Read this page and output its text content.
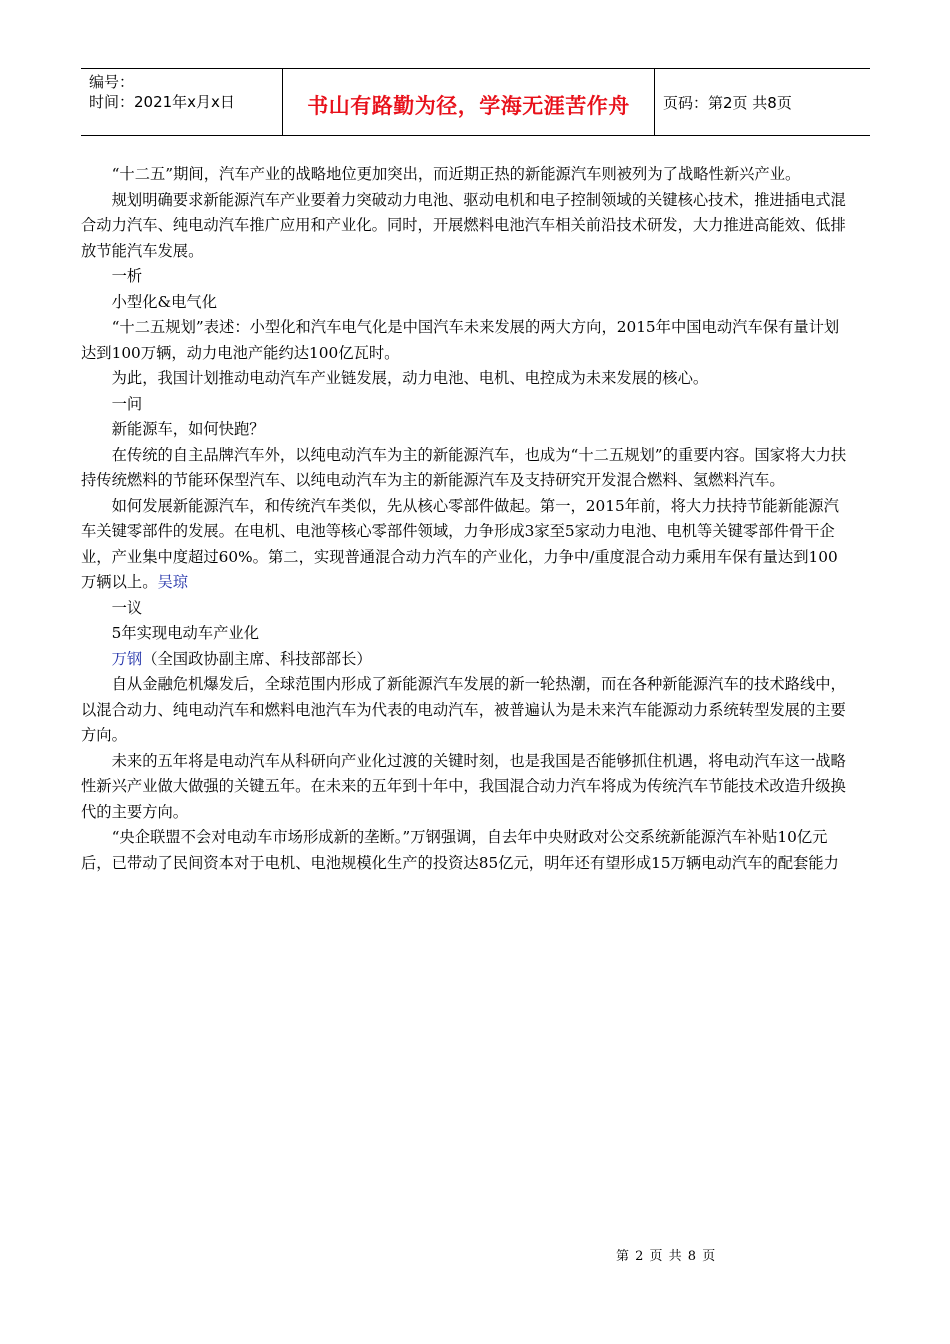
编号：
时间：2021年x月x日	书山有路勤为径，学海无涯苦作舟	页码：第2页 共8页

“十二五”期间，汽车产业的战略地位更加突出，而近期正热的新能源汽车则被列为了战略性新兴产业。

规划明确要求新能源汽车产业要着力突破动力电池、驱动电机和电子控制领域的关键核心技术，推进插电式混合动力汽车、纯电动汽车推广应用和产业化。同时，开展燃料电池汽车相关前沿技术研发，大力推进高能效、低排放节能汽车发展。

一析

小型化&电气化

“十二五规划”表述：小型化和汽车电气化是中国汽车未来发展的两大方向，2015年中国电动汽车保有量计划达到100万辆，动力电池产能约达100亿瓦时。

为此，我国计划推动电动汽车产业链发展，动力电池、电机、电控成为未来发展的核心。

一问

新能源车，如何快跑？

在传统的自主品牌汽车外，以纯电动汽车为主的新能源汽车，也成为“十二五规划”的重要内容。国家将大力扶持传统燃料的节能环保型汽车、以纯电动汽车为主的新能源汽车及支持研究开发混合燃料、氢燃料汽车。

如何发展新能源汽车，和传统汽车类似，先从核心零部件做起。第一，2015年前，将大力扶持节能新能源汽车关键零部件的发展。在电机、电池等核心零部件领域，力争形成3家至5家动力电池、电机等关键零部件骨干企业，产业集中度超过60%。第二，实现普通混合动力汽车的产业化，力争中/重度混合动力乘用车保有量达到100万辆以上。吴琼

一议

5年实现电动车产业化

万钢（全国政协副主席、科技部部长）

自从金融危机爆发后，全球范围内形成了新能源汽车发展的新一轮热潮，而在各种新能源汽车的技术路线中，以混合动力、纯电动汽车和燃料电池汽车为代表的电动汽车，被普遍认为是未来汽车能源动力系统转型发展的主要方向。

未来的五年将是电动汽车从科研向产业化过渡的关键时刻，也是我国是否能够抓住机遇，将电动汽车这一战略性新兴产业做大做强的关键五年。在未来的五年到十年中，我国混合动力汽车将成为传统汽车节能技术改造升级换代的主要方向。

“央企联盟不会对电动车市场形成新的垄断。”万钢强调，自去年中央财政对公交系统新能源汽车补贴10亿元后，已带动了民间资本对于电机、电池规模化生产的投资达85亿元，明年还有望形成15万辆电动汽车的配套能力

第 2 页 共 8 页
